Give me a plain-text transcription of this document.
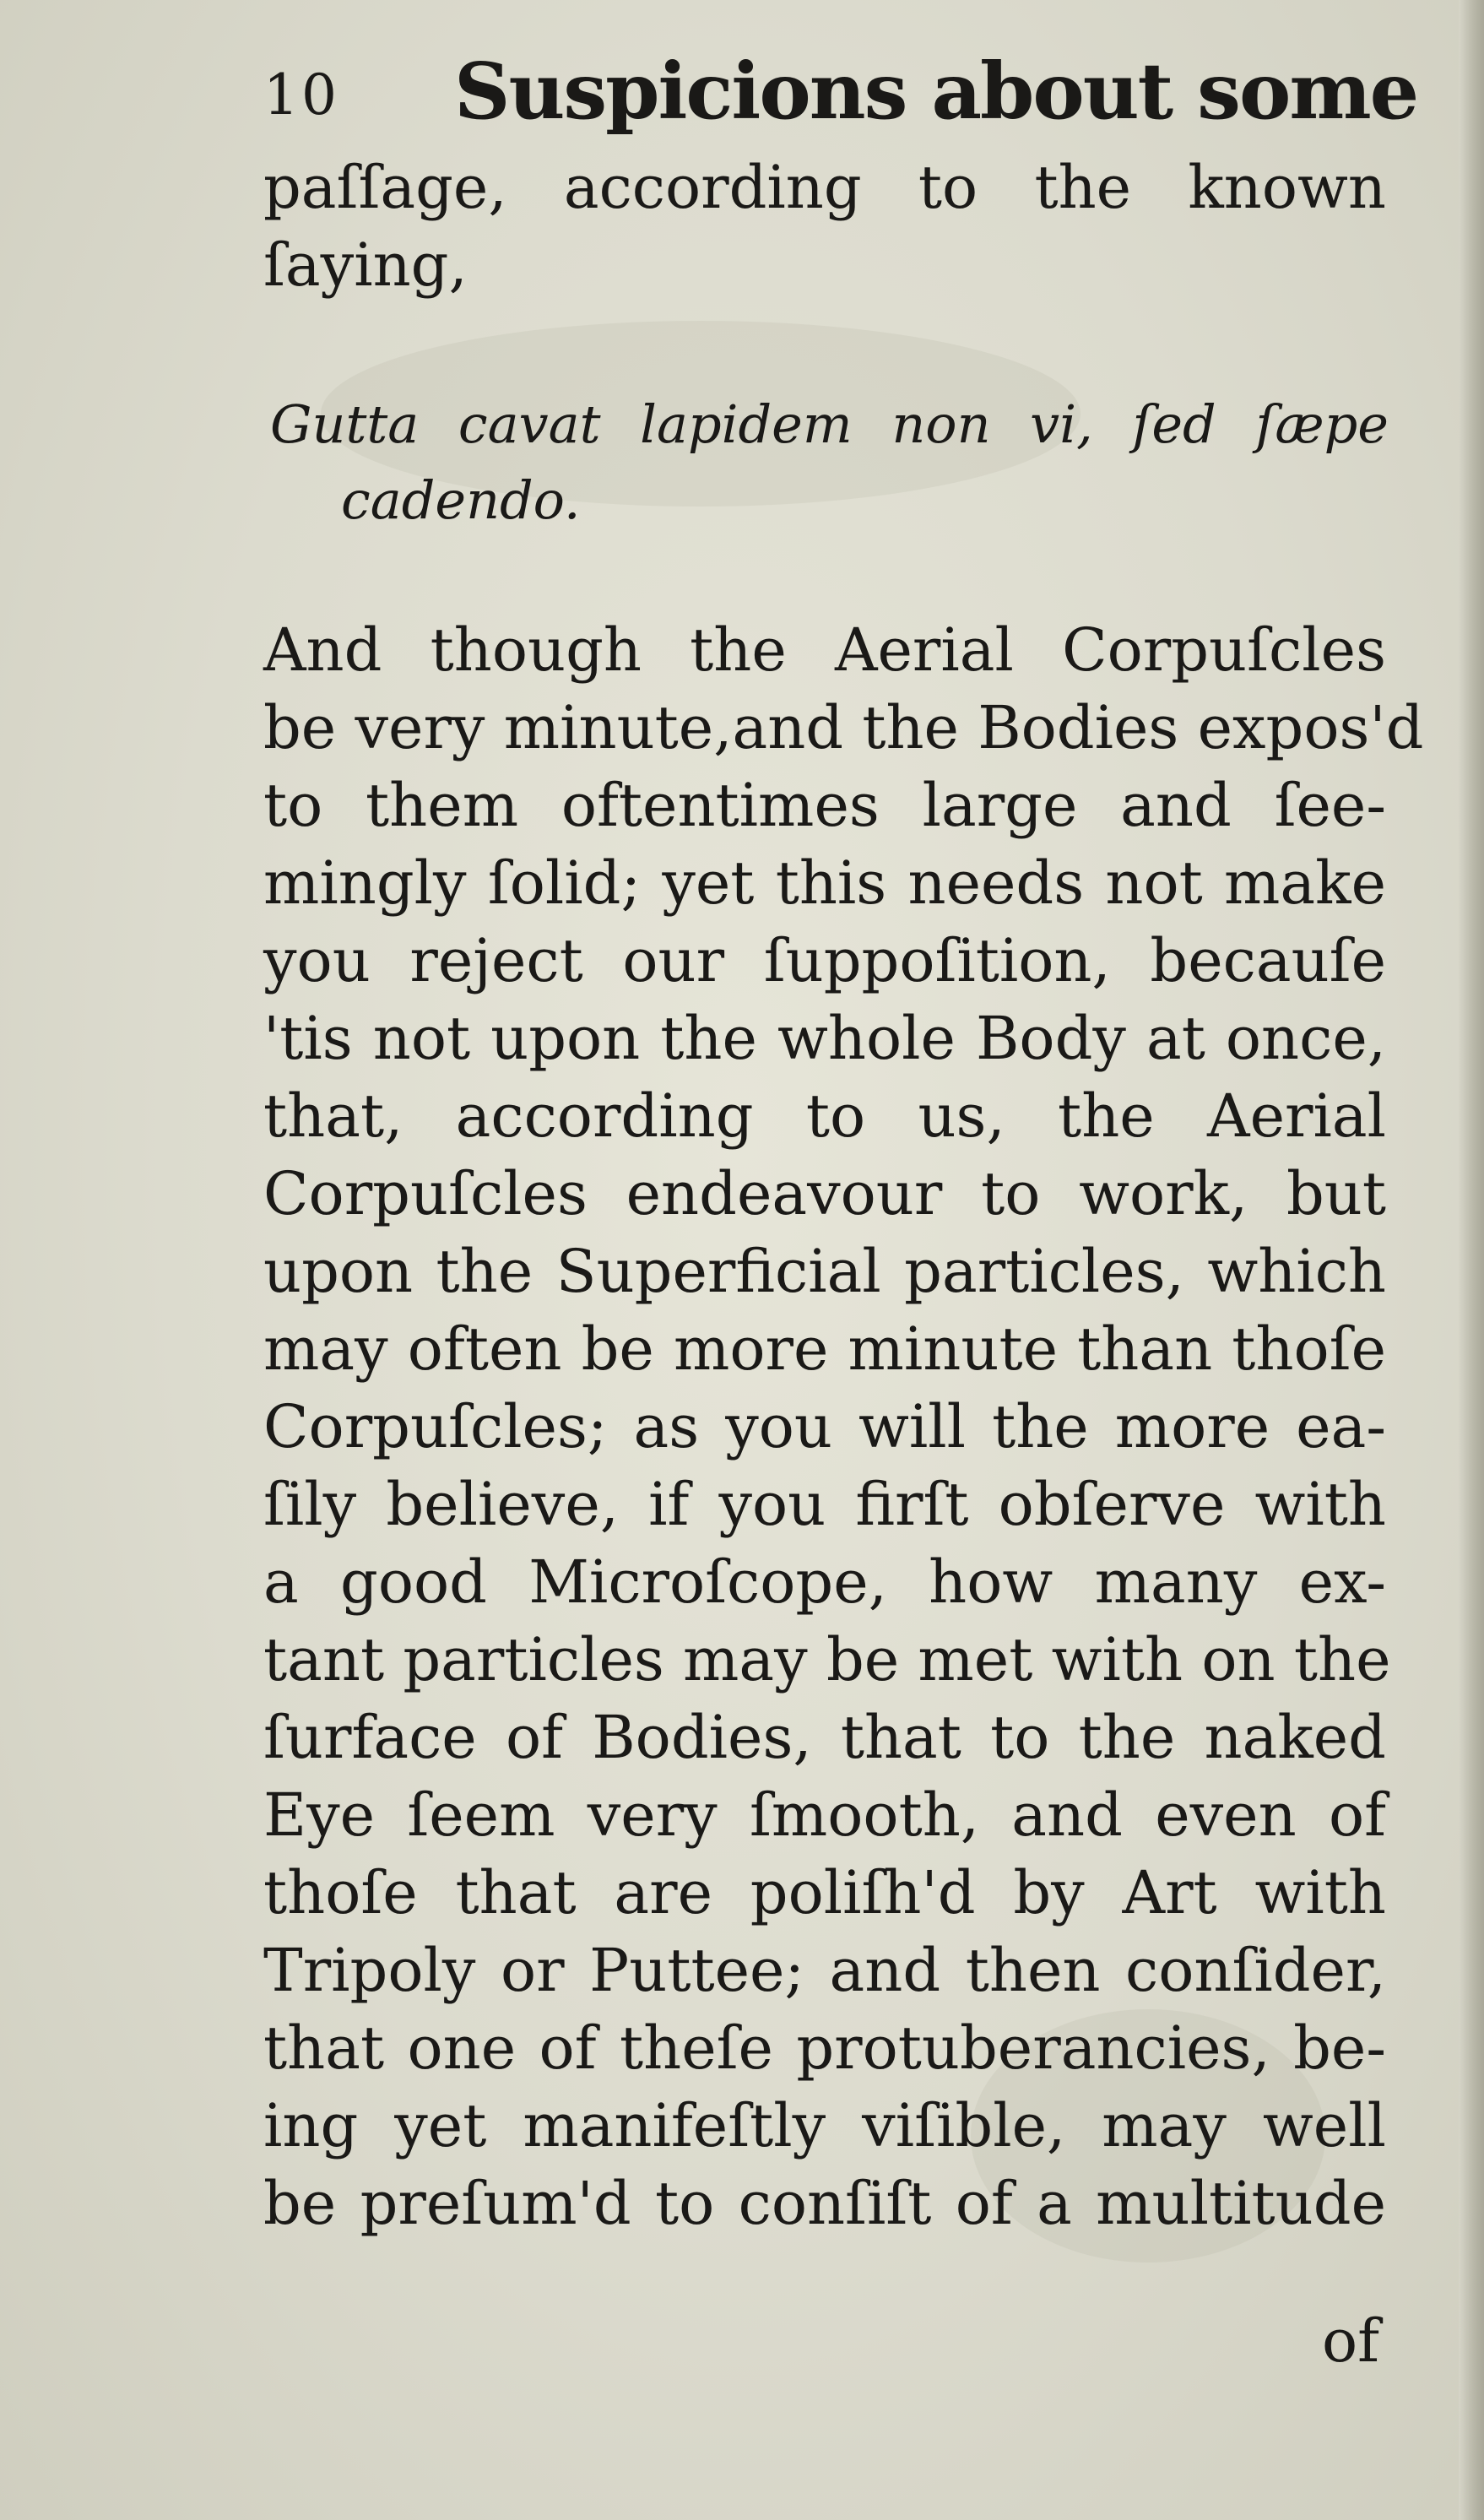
10 Suspicions about some
paſſage, according to the known
ſaying,
Gutta cavat lapidem non vi, ſed ſæpe
cadendo.
And though the Aerial Corpuſcles
be very minute,and the Bodies expos'd
to them oftentimes large and ſee-
mingly ſolid; yet this needs not make
you reject our ſuppoſition, becauſe
'tis not upon the whole Body at once,
that, according to us, the Aerial
Corpuſcles endeavour to work, but
upon the Superficial particles, which
may often be more minute than thoſe
Corpuſcles; as you will the more ea-
ſily believe, if you firſt obſerve with
a good Microſcope, how many ex-
tant particles may be met with on the
ſurface of Bodies, that to the naked
Eye ſeem very ſmooth, and even of
thoſe that are poliſh'd by Art with
Tripoly or Puttee; and then conſider,
that one of theſe protuberancies, be-
ing yet manifeſtly viſible, may well
be preſum'd to conſiſt of a multitude
of
